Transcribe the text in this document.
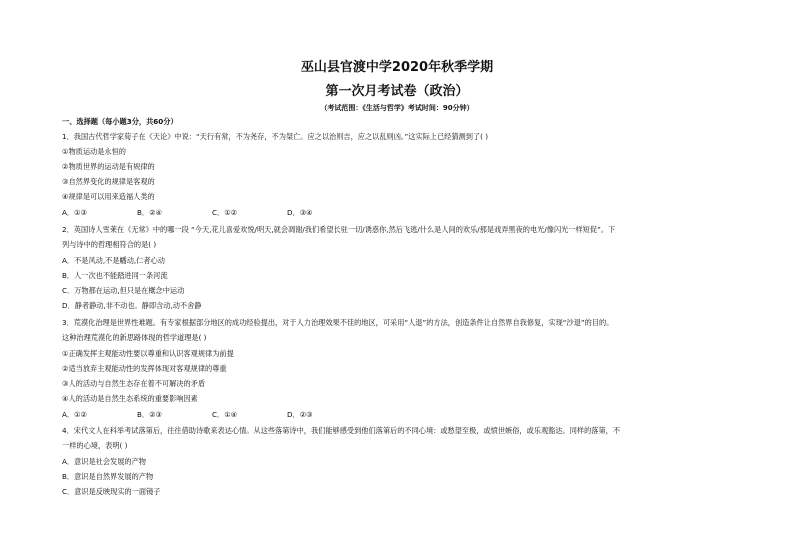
巫山县官渡中学2020年秋季学期
第一次月考试卷（政治）
（考试范围：《生活与哲学》考试时间：90分钟）
一、选择题（每小题3分，共60分）
1．我国古代哲学家荀子在《天论》中说：“天行有常，不为尧存，不为桀亡。应之以治则吉，应之以乱则凶。”这实际上已经猜测到了( )
①物质运动是永恒的
②物质世界的运动是有规律的
③自然界变化的规律是客观的
④规律是可以用来造福人类的
A．①③	B．②④	C．①②	D．③④
2．英国诗人雪莱在《无常》中的哪一段 “今天,花儿喜爱欢悦/明天,就会凋谢/我们希望长驻一切/诱惑你,然后飞逃/什么是人间的欢乐/那是戏弄黑夜的电光/像闪光一样短促”。下
列与诗中的哲理相符合的是( )
A．不是风动,不是幡动,仁者心动
B．人一次也不能踏进同一条河流
C．万物都在运动,但只是在概念中运动
D．静者静动,非不动也。静即含动,动不舍静
3．荒漠化治理是世界性难题。有专家根据部分地区的成功经验提出，对于人力治理效果不佳的地区，可采用“人退”的方法，创造条件让自然界自我修复，实现“沙退”的目的。
这种治理荒漠化的新思路体现的哲学道理是( )
①正确发挥主观能动性要以尊重和认识客观规律为前提
②适当放弃主观能动性的发挥体现对客观规律的尊重
③人的活动与自然生态存在着不可解决的矛盾
④人的活动是自然生态系统的重要影响因素
A．①②	B．②③	C．①④	D．②③
4．宋代文人在科举考试落第后，往往借助诗歌来表达心情。从这些落第诗中，我们能够感受到他们落第后的不同心境：或愁望至极，或愤世嫉俗，或乐观豁达。同样的落第，不
一样的心境，表明( )
A．意识是社会发展的产物
B．意识是自然界发展的产物
C．意识是反映现实的一面镜子
